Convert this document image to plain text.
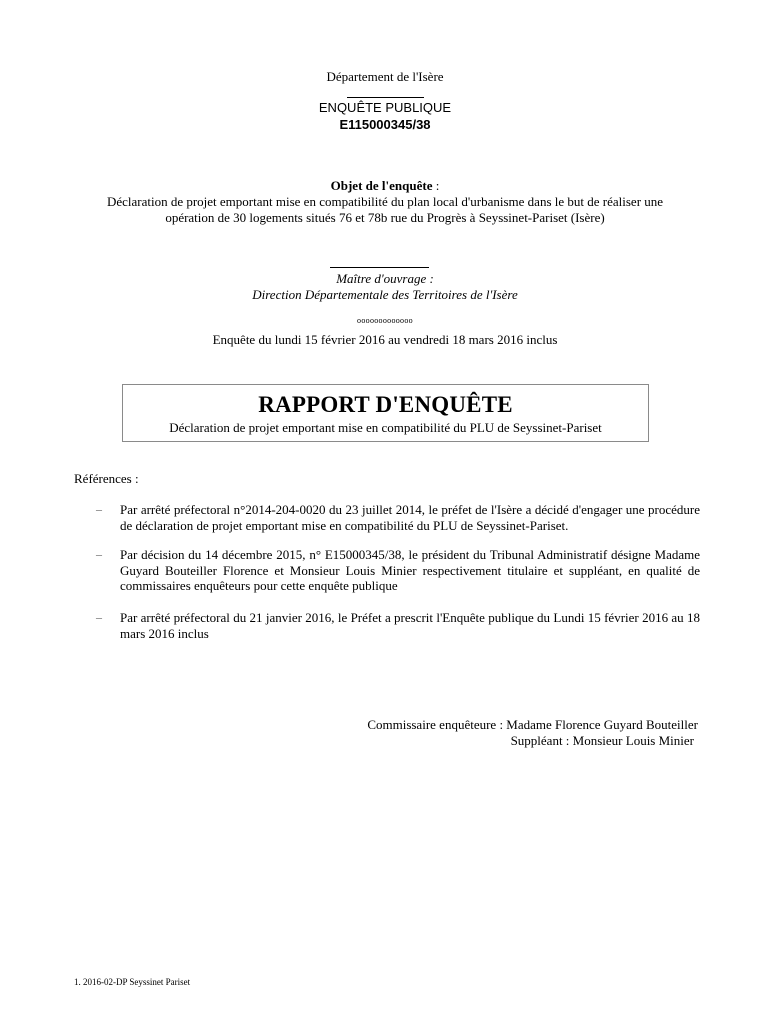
Département de l'Isère
ENQUÊTE PUBLIQUE
E115000345/38
Objet de l'enquête :
Déclaration de projet emportant mise en compatibilité du plan local d'urbanisme dans le but de réaliser une
opération de 30 logements situés 76 et 78b rue du Progrès à Seyssinet-Pariset (Isère)
Maître d'ouvrage :
Direction Départementale des Territoires de l'Isère
ooooooooooooo
Enquête du lundi 15 février 2016 au vendredi 18 mars 2016 inclus
RAPPORT D'ENQUÊTE
Déclaration de projet emportant mise en compatibilité du PLU de Seyssinet-Pariset
Références :
–	Par arrêté préfectoral n°2014-204-0020 du 23 juillet 2014, le préfet de l'Isère a décidé d'engager une procédure de déclaration de projet emportant mise en compatibilité du PLU de Seyssinet-Pariset.
–	Par décision du 14 décembre 2015, n° E15000345/38, le président du Tribunal Administratif désigne Madame Guyard Bouteiller Florence et Monsieur Louis Minier respectivement titulaire et suppléant, en qualité de commissaires enquêteurs pour cette enquête publique
–	Par arrêté préfectoral du 21 janvier 2016, le Préfet a prescrit l'Enquête publique du Lundi 15 février 2016 au 18 mars 2016 inclus
Commissaire enquêteure : Madame Florence Guyard Bouteiller
Suppléant : Monsieur Louis Minier
1. 2016-02-DP Seyssinet Pariset
